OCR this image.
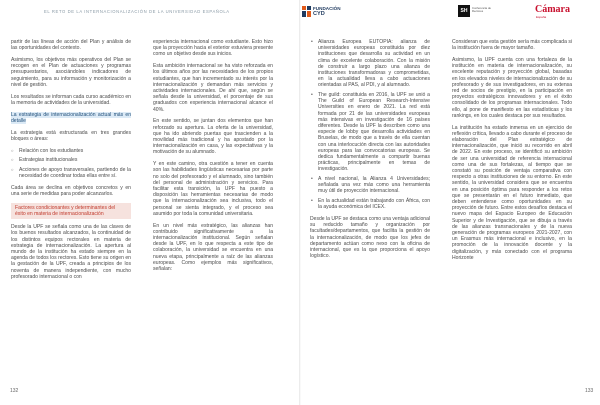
EL RETO DE LA INTERNACIONALIZACIÓN DE LA UNIVERSIDAD ESPAÑOLA

partir de las líneas de acción del Plan y análisis de las oportunidades del contexto.

Asimismo, los objetivos más operativos del Plan se recogen en el Plan de actuaciones y programas presupuestarios, asociándoles indicadores de seguimiento, para su información y monitorización a nivel de gestión.

Los resultados se informan cada curso académico en la memoria de actividades de la universidad.

La estrategia de internacionalización actual más en detalle

La estrategia está estructurada en tres grandes bloques o áreas:

○ Relación con los estudiantes
○ Estrategias institucionales
○ Acciones de apoyo transversales, partiendo de la necesidad de coordinar todas ellas entre sí.

Cada área se declina en objetivos concretos y en una serie de medidas para poder alcanzarlos.

Factores condicionantes y determinantes del éxito en materia de internacionalización

Desde la UPF se señala como una de las claves de los buenos resultados alcanzados, la continuidad de los distintos equipos rectorales en materia de estrategia de internacionalización. La apertura al mundo de la institución ha estado siempre en la agenda de todos los rectores. Esto tiene su origen en la gestación de la UPF, creada a principios de los noventa de manera independiente, con mucho profesorado internacional o con

experiencia internacional como estudiante. Esto hizo que la proyección hacia el exterior estuviera presente como un objetivo desde sus inicios.

Esta ambición internacional se ha visto reforzada en los últimos años por las necesidades de los propios estudiantes, que han incrementado su interés por la internacionalización y demandan más servicios y actividades internacionales. De ahí que, según se señala desde la universidad, el porcentaje de sus graduados con experiencia internacional alcance el 40%.

En este sentido, se juntan dos elementos que han reforzado su apertura. La oferta de la universidad, que ha ido abriendo puertas que trascienden a la movilidad más tradicional y ha apostado por la internacionalización en casa, y las expectativas y la motivación de su alumnado.

Y en este camino, otra cuestión a tener en cuenta son las habilidades lingüísticas necesarias por parte no solo del profesorado y el alumnado, sino también del personal de administración y servicios. Para facilitar esta transición, la UPF ha puesto a disposición las herramientas necesarias de modo que la internacionalización sea inclusiva, todo el personal se sienta integrado, y el proceso sea asumido por toda la comunidad universitaria.

En un nivel más estratégico, las alianzas han contribuido significativamente a la internacionalización institucional. Según señalan desde la UPF, en lo que respecta a este tipo de colaboración, la universidad se encuentra en una nueva etapa, principalmente a raíz de las alianzas europeas. Como ejemplos más significativos, señalan:

132
FUNDACIÓN
CYD	SH	Conferencia de Rectores	Cámara
España
• Alianza Europea EUTOPIA: alianza de universidades europeas constituida por diez instituciones que desarrolla su actividad en un clima de excelente colaboración. Con la misión de construir a largo plazo una alianza de instituciones transformadoras y comprometidas, en la actualidad lleva a cabo actuaciones orientadas al PAS, al PDI, y al alumnado.
• The guild: constituida en 2016, la UPF se unió a The Guild of European Research-Intensive Universities en enero de 2021. La red está formada por 21 de las universidades europeas más intensivas en investigación de 16 países diferentes. Desde la UPF la describen como una especie de lobby que desarrolla actividades en Bruselas, de modo que a través de ella cuentan con una interlocución directa con las autoridades europeas para las convocatorias europeas. Se dedica fundamentalmente a compartir buenas prácticas, principalmente en temas de investigación.
• A nivel nacional, la Alianza 4 Universidades; señalada una vez más como una herramienta muy útil de proyección internacional.
• En la actualidad están trabajando con África, con la ayuda económica del ICEX.

Desde la UPF se destaca como una ventaja adicional su reducido tamaño y organización por facultades/departamentos, que facilita la gestión de la internacionalización, de modo que los jefes de departamento actúan como nexo con la oficina de internacional, que es la que proporciona el apoyo logístico.

Consideran que esta gestión sería más complicada si la institución fuera de mayor tamaño.

Asimismo, la UPF cuenta con una fortaleza de la institución en materia de internacionalización, su excelente reputación y proyección global, basadas en los elevados niveles de internacionalización de su profesorado y de sus investigadores, en su extensa red de socios de prestigio, en la participación en proyectos estratégicos innovadores y en el éxito consolidado de los programas internacionales. Todo ello, al pone de manifiesto en las estadísticas y los rankings, en los cuales destaca por sus resultados.

La institución ha estado inmersa en un ejercicio de reflexión crítica, llevado a cabo durante el proceso de elaboración del Plan estratégico de internacionalización, que inició su recorrido en abril de 2022. En este proceso, se identificó su ambición de ser una universidad de referencia internacional como una de sus fortalezas, al tiempo que se constató su posición de ventaja comparativa con respecto a otras instituciones de su entorno. En este sentido, la universidad considera que se encuentra en una posición óptima para responder a los retos que se presentarán en el futuro inmediato, que deben entenderse como oportunidades en su proyección de futuro. Entre estos desafíos destaca el nuevo mapa del Espacio Europeo de Educación Superior y de Investigación, que se dibuja a través de las alianzas transnacionales y de la nueva generación de programas europeos 2021-2027, con un Erasmus más internacional e inclusivo, en la promoción de la innovación docente y la digitalización, y más conectado con el programa Horizonte

133
